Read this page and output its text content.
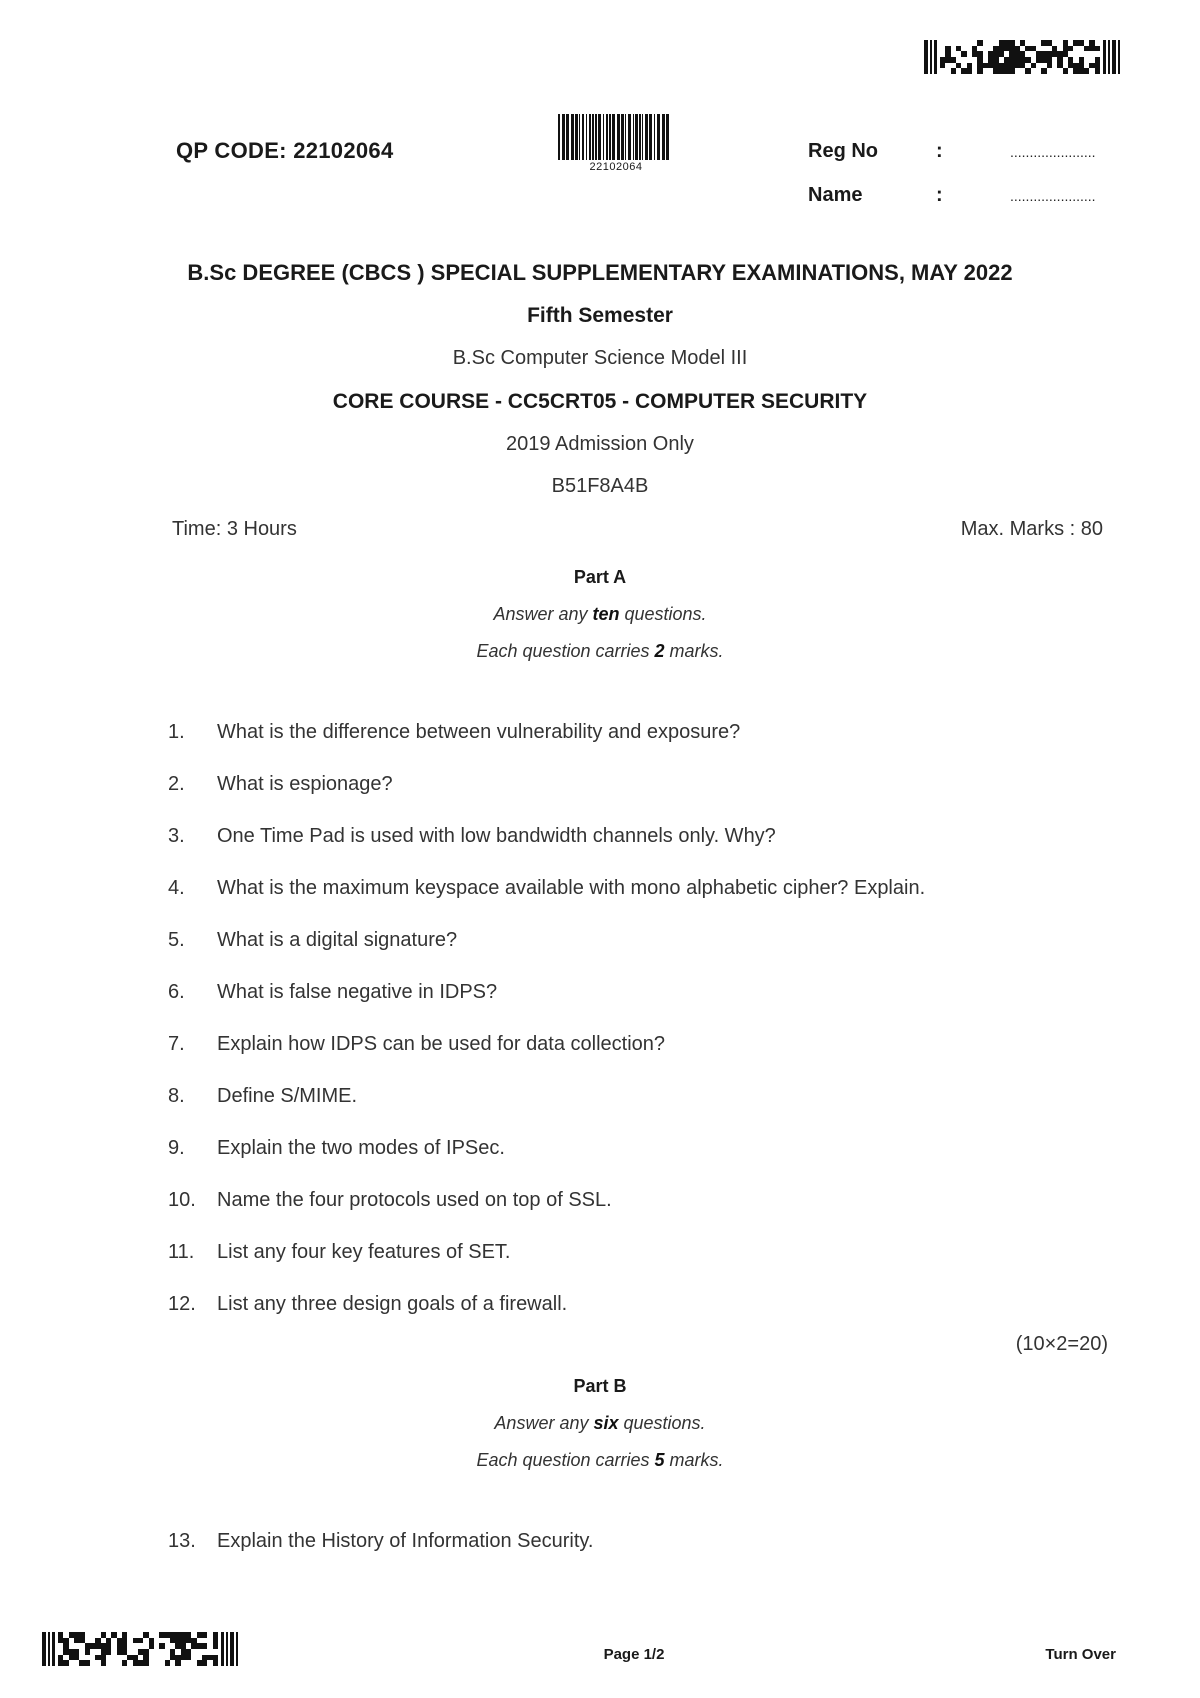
QP CODE: 22102064
22102064
Reg No	:	......................
Name	:	......................
B.Sc DEGREE (CBCS ) SPECIAL SUPPLEMENTARY EXAMINATIONS, MAY 2022
Fifth Semester
B.Sc Computer Science Model III
CORE COURSE - CC5CRT05 - COMPUTER SECURITY
2019 Admission Only
B51F8A4B
Time: 3 Hours	Max. Marks : 80
Part A
Answer any ten questions.
Each question carries 2 marks.
1.	What is the difference between vulnerability and exposure?
2.	What is espionage?
3.	One Time Pad is used with low bandwidth channels only. Why?
4.	What is the maximum keyspace available with mono alphabetic cipher? Explain.
5.	What is a digital signature?
6.	What is false negative in IDPS?
7.	Explain how IDPS can be used for data collection?
8.	Define S/MIME.
9.	Explain the two modes of IPSec.
10.	Name the four protocols used on top of SSL.
11.	List any four key features of SET.
12.	List any three design goals of a firewall.
(10×2=20)
Part B
Answer any six questions.
Each question carries 5 marks.
13.	Explain the History of Information Security.
Page 1/2	Turn Over
